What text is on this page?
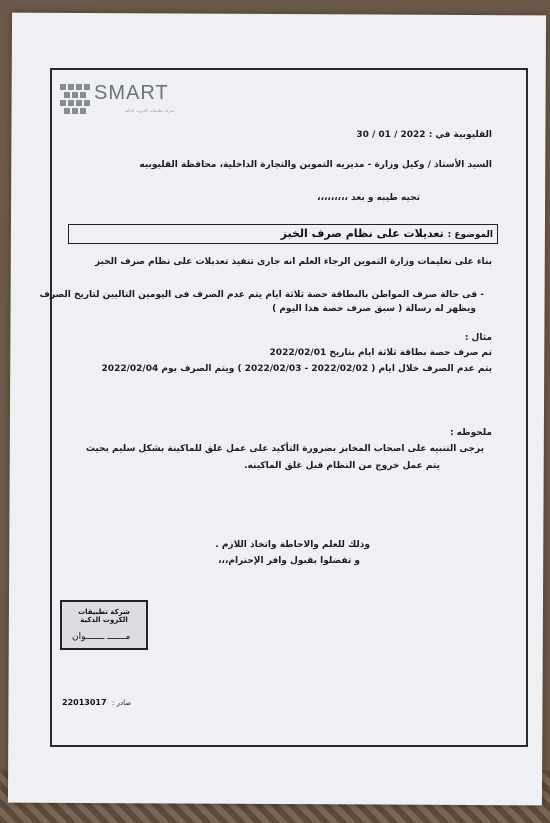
SMART
شركة تطبيقات الكروت الذكية
القليوبية في : 30 / 01 / 2022
السيد الأستاذ / وكيل وزارة - مديريه التموين والتجارة الداخلية، محافظة القليوبيه
تحيه طيبه و بعد ،،،،،،،،،
الموضوع : تعديلات على نظام صرف الخبز
بناء على تعليمات وزارة التموين الرجاء العلم انه جارى تنفيذ تعديلات على نظام صرف الخبز
- فى حالة صرف المواطن بالبطاقة حصة ثلاثة ايام يتم عدم الصرف فى اليومين التاليين لتاريخ الصرف
ويظهر له رسالة ( سبق صرف حصة هذا اليوم )
مثال :
تم صرف حصة بطاقة ثلاثة ايام بتاريخ 2022/02/01
يتم عدم الصرف خلال ايام ( 2022/02/02 - 2022/02/03 ) ويتم الصرف يوم 2022/02/04
ملحوظه :
يرجى التنبيه على اصحاب المخابز بضرورة التأكيد على عمل غلق للماكينة بشكل سليم بحيث
يتم عمل خروج من النظام قبل غلق الماكينه.
وذلك للعلم والاحاطة واتخاذ اللازم .
و تفضلوا بقبول وافر الإحترام،،،
شركة تطبيقات الكروت الذكية
مـــــــ ـــــــوان
22013017 صادر :
